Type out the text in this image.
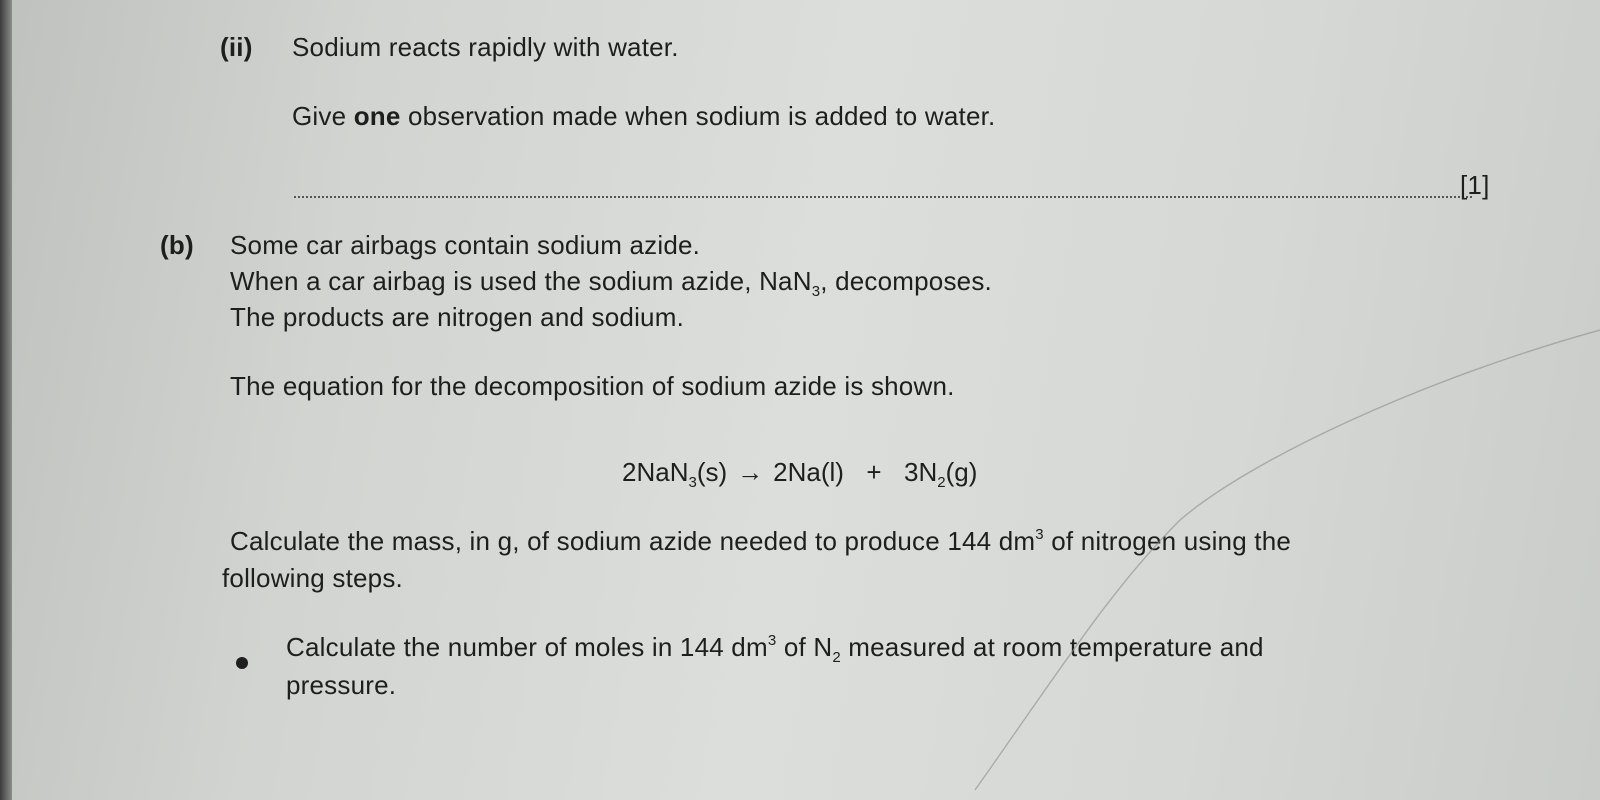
(ii) Sodium reacts rapidly with water.
Give one observation made when sodium is added to water.
[1]
(b) Some car airbags contain sodium azide.
When a car airbag is used the sodium azide, NaN$_3$, decomposes.
The products are nitrogen and sodium.
The equation for the decomposition of sodium azide is shown.
$2NaN_3(s) \to 2Na(l) + 3N_2(g)$
Calculate the mass, in g, of sodium azide needed to produce 144 $dm^3$ of nitrogen using the
following steps.
Calculate the number of moles in 144 $dm^3$ of $N_2$ measured at room temperature and
pressure.
